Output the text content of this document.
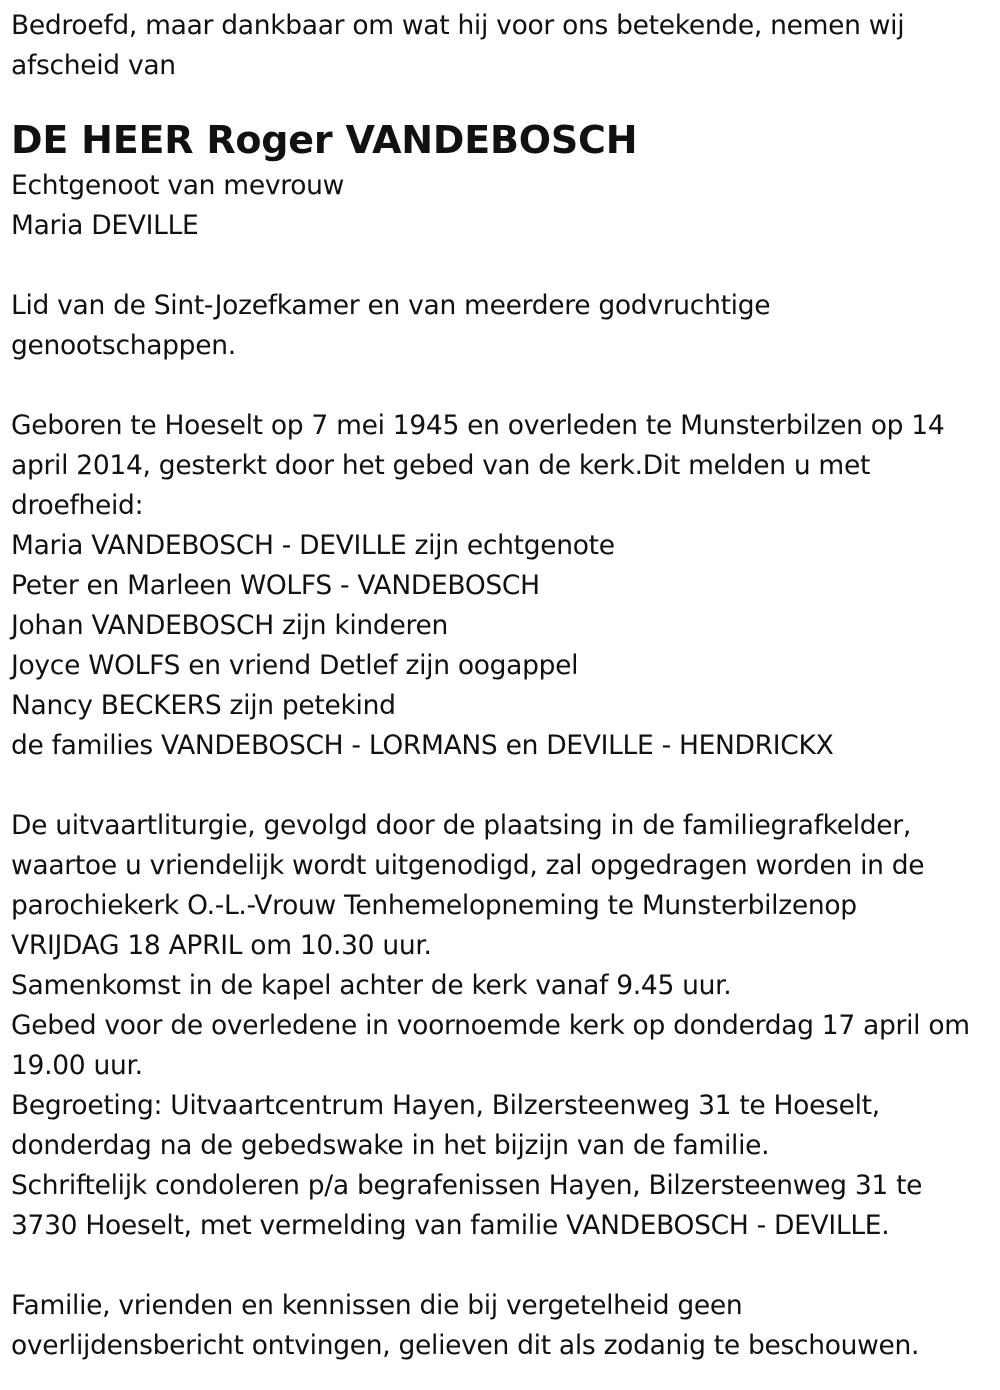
Bedroefd, maar dankbaar om wat hij voor ons betekende, nemen wij
afscheid van
DE HEER Roger VANDEBOSCH
Echtgenoot van mevrouw
Maria DEVILLE
Lid van de Sint-Jozefkamer en van meerdere godvruchtige
genootschappen.
Geboren te Hoeselt op 7 mei 1945 en overleden te Munsterbilzen op 14
april 2014, gesterkt door het gebed van de kerk.Dit melden u met
droefheid:
Maria VANDEBOSCH - DEVILLE zijn echtgenote
Peter en Marleen WOLFS - VANDEBOSCH
Johan VANDEBOSCH zijn kinderen
Joyce WOLFS en vriend Detlef zijn oogappel
Nancy BECKERS zijn petekind
de families VANDEBOSCH - LORMANS en DEVILLE - HENDRICKX
De uitvaartliturgie, gevolgd door de plaatsing in de familiegrafkelder,
waartoe u vriendelijk wordt uitgenodigd, zal opgedragen worden in de
parochiekerk O.-L.-Vrouw Tenhemelopneming te Munsterbilzenop
VRIJDAG 18 APRIL om 10.30 uur.
Samenkomst in de kapel achter de kerk vanaf 9.45 uur.
Gebed voor de overledene in voornoemde kerk op donderdag 17 april om
19.00 uur.
Begroeting: Uitvaartcentrum Hayen, Bilzersteenweg 31 te Hoeselt,
donderdag na de gebedswake in het bijzijn van de familie.
Schriftelijk condoleren p/a begrafenissen Hayen, Bilzersteenweg 31 te
3730 Hoeselt, met vermelding van familie VANDEBOSCH - DEVILLE.
Familie, vrienden en kennissen die bij vergetelheid geen
overlijdensbericht ontvingen, gelieven dit als zodanig te beschouwen.
